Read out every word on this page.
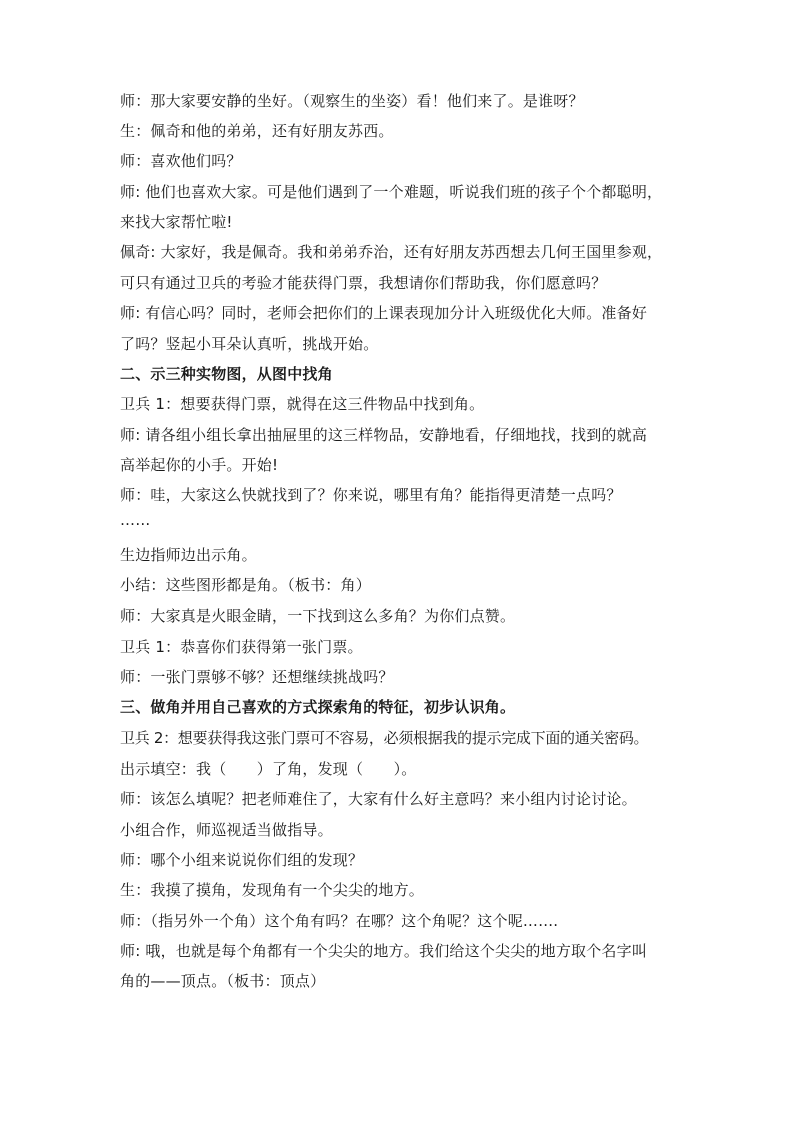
师：那大家要安静的坐好。（观察生的坐姿）看！他们来了。是谁呀？

生：佩奇和他的弟弟，还有好朋友苏西。

师：喜欢他们吗？

师: 他们也喜欢大家。可是他们遇到了一个难题，听说我们班的孩子个个都聪明，

来找大家帮忙啦!

佩奇: 大家好，我是佩奇。我和弟弟乔治，还有好朋友苏西想去几何王国里参观，

可只有通过卫兵的考验才能获得门票，我想请你们帮助我，你们愿意吗？

师: 有信心吗？同时，老师会把你们的上课表现加分计入班级优化大师。准备好

了吗？竖起小耳朵认真听，挑战开始。

二、示三种实物图，从图中找角

卫兵 1：想要获得门票，就得在这三件物品中找到角。

师: 请各组小组长拿出抽屉里的这三样物品，安静地看，仔细地找，找到的就高

高举起你的小手。开始!

师：哇，大家这么快就找到了？你来说，哪里有角？能指得更清楚一点吗？

……

生边指师边出示角。

小结：这些图形都是角。（板书：角）

师：大家真是火眼金睛，一下找到这么多角？为你们点赞。

卫兵 1：恭喜你们获得第一张门票。

师：一张门票够不够？还想继续挑战吗？

三、做角并用自己喜欢的方式探索角的特征，初步认识角。

卫兵 2：想要获得我这张门票可不容易，必须根据我的提示完成下面的通关密码。

出示填空：我（　　）了角，发现（　　）。

师：该怎么填呢？把老师难住了，大家有什么好主意吗？来小组内讨论讨论。

小组合作，师巡视适当做指导。

师：哪个小组来说说你们组的发现？

生：我摸了摸角，发现角有一个尖尖的地方。

师：（指另外一个角）这个角有吗？在哪？这个角呢？这个呢…….

师: 哦，也就是每个角都有一个尖尖的地方。我们给这个尖尖的地方取个名字叫

角的——顶点。（板书：顶点）
